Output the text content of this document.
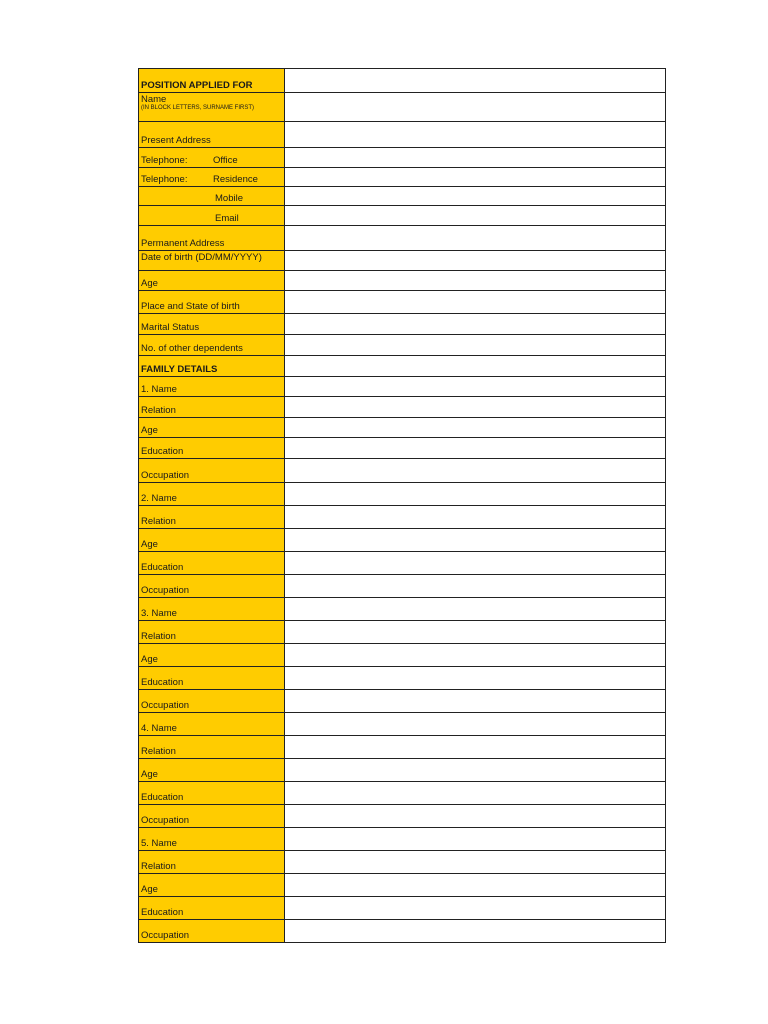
POSITION APPLIED FOR
Name
(IN BLOCK LETTERS, SURNAME FIRST)
Present Address
Telephone:	Office
Telephone:	Residence
Mobile
Email
Permanent Address
Date of birth (DD/MM/YYYY)
Age
Place and State of birth
Marital Status
No. of other dependents
FAMILY DETAILS
1. Name
Relation
Age
Education
Occupation
2. Name
Relation
Age
Education
Occupation
3. Name
Relation
Age
Education
Occupation
4. Name
Relation
Age
Education
Occupation
5. Name
Relation
Age
Education
Occupation
